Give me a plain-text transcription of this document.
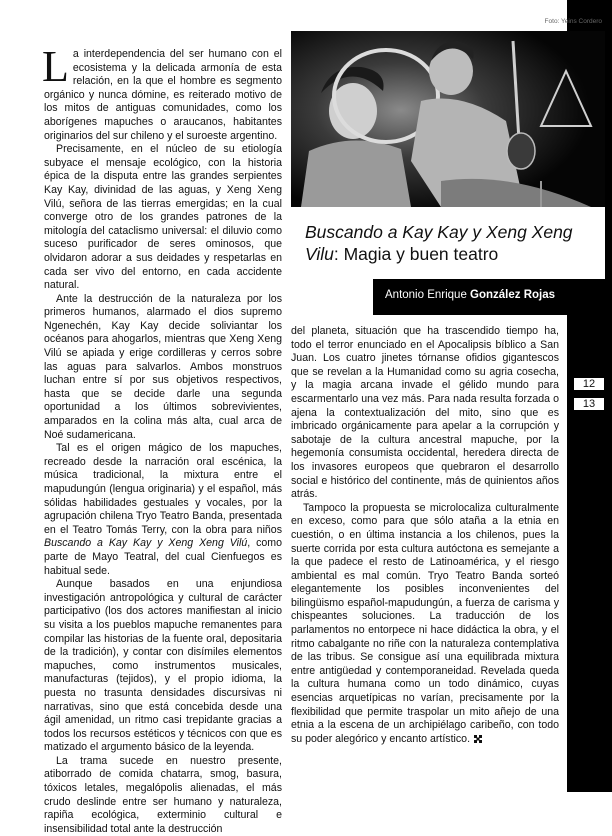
Foto: Yeins Cordero
Buscando a Kay Kay y Xeng Xeng Vilu: Magia y buen teatro
Antonio Enrique González Rojas
12
13

La interdependencia del ser humano con el ecosistema y la delicada armonía de esta relación, en la que el hombre es segmento orgánico y nunca dómine, es reiterado motivo de los mitos de antiguas comunidades, como los aborígenes mapuches o araucanos, habitantes originarios del sur chileno y el suroeste argentino.

Precisamente, en el núcleo de su etiología subyace el mensaje ecológico, con la historia épica de la disputa entre las grandes serpientes Kay Kay, divinidad de las aguas, y Xeng Xeng Vilú, señora de las tierras emergidas; en la cual converge otro de los grandes patrones de la mitología del cataclismo universal: el diluvio como suceso purificador de seres ominosos, que olvidaron adorar a sus deidades y respetarlas en cada ser vivo del entorno, en cada accidente natural.

Ante la destrucción de la naturaleza por los primeros humanos, alarmado el dios supremo Ngenechén, Kay Kay decide soliviantar los océanos para ahogarlos, mientras que Xeng Xeng Vilú se apiada y erige cordilleras y cerros sobre las aguas para salvarlos. Ambos monstruos luchan entre sí por sus objetivos respectivos, hasta que se decide darle una segunda oportunidad a los últimos sobrevivientes, amparados en la colina más alta, cual arca de Noé sudamericana.

Tal es el origen mágico de los mapuches, recreado desde la narración oral escénica, la música tradicional, la mixtura entre el mapudungún (lengua originaria) y el español, más sólidas habilidades gestuales y vocales, por la agrupación chilena Tryo Teatro Banda, presentada en el Teatro Tomás Terry, con la obra para niños Buscando a Kay Kay y Xeng Xeng Vilú, como parte de Mayo Teatral, del cual Cienfuegos es habitual sede.

Aunque basados en una enjundiosa investigación antropológica y cultural de carácter participativo (los dos actores manifiestan al inicio su visita a los pueblos mapuche remanentes para compilar las historias de la fuente oral, depositaria de la tradición), y contar con disímiles elementos mapuches, como instrumentos musicales, manufacturas (tejidos), y el propio idioma, la puesta no trasunta densidades discursivas ni narrativas, sino que está concebida desde una ágil amenidad, un ritmo casi trepidante gracias a todos los recursos estéticos y técnicos con que es matizado el argumento básico de la leyenda.

La trama sucede en nuestro presente, atiborrado de comida chatarra, smog, basura, tóxicos letales, megalópolis alienadas, el más crudo deslinde entre ser humano y naturaleza, rapiña ecológica, exterminio cultural e insensibilidad total ante la destrucción

del planeta, situación que ha trascendido tiempo ha, todo el terror enunciado en el Apocalipsis bíblico a San Juan. Los cuatro jinetes tórnanse ofidios gigantescos que se revelan a la Humanidad como su agria cosecha, y la magia arcana invade el gélido mundo para escarmentarlo una vez más. Para nada resulta forzada o ajena la contextualización del mito, sino que es imbricado orgánicamente para apelar a la corrupción y sabotaje de la cultura ancestral mapuche, por la hegemonía consumista occidental, heredera directa de los invasores europeos que quebraron el desarrollo social e histórico del continente, más de quinientos años atrás.

Tampoco la propuesta se microlocaliza culturalmente en exceso, como para que sólo ataña a la etnia en cuestión, o en última instancia a los chilenos, pues la suerte corrida por esta cultura autóctona es semejante a la que padece el resto de Latinoamérica, y el riesgo ambiental es mal común. Tryo Teatro Banda sorteó elegantemente los posibles inconvenientes del bilingüismo español-mapudungún, a fuerza de carisma y chispeantes soluciones. La traducción de los parlamentos no entorpece ni hace didáctica la obra, y el ritmo cabalgante no riñe con la naturaleza contemplativa de las tribus. Se consigue así una equilibrada mixtura entre antigüedad y contemporaneidad. Revelada queda la cultura humana como un todo dinámico, cuyas esencias arquetípicas no varían, precisamente por la flexibilidad que permite traspolar un mito añejo de una etnia a la escena de un archipiélago caribeño, con todo su poder alegórico y encanto artístico.
